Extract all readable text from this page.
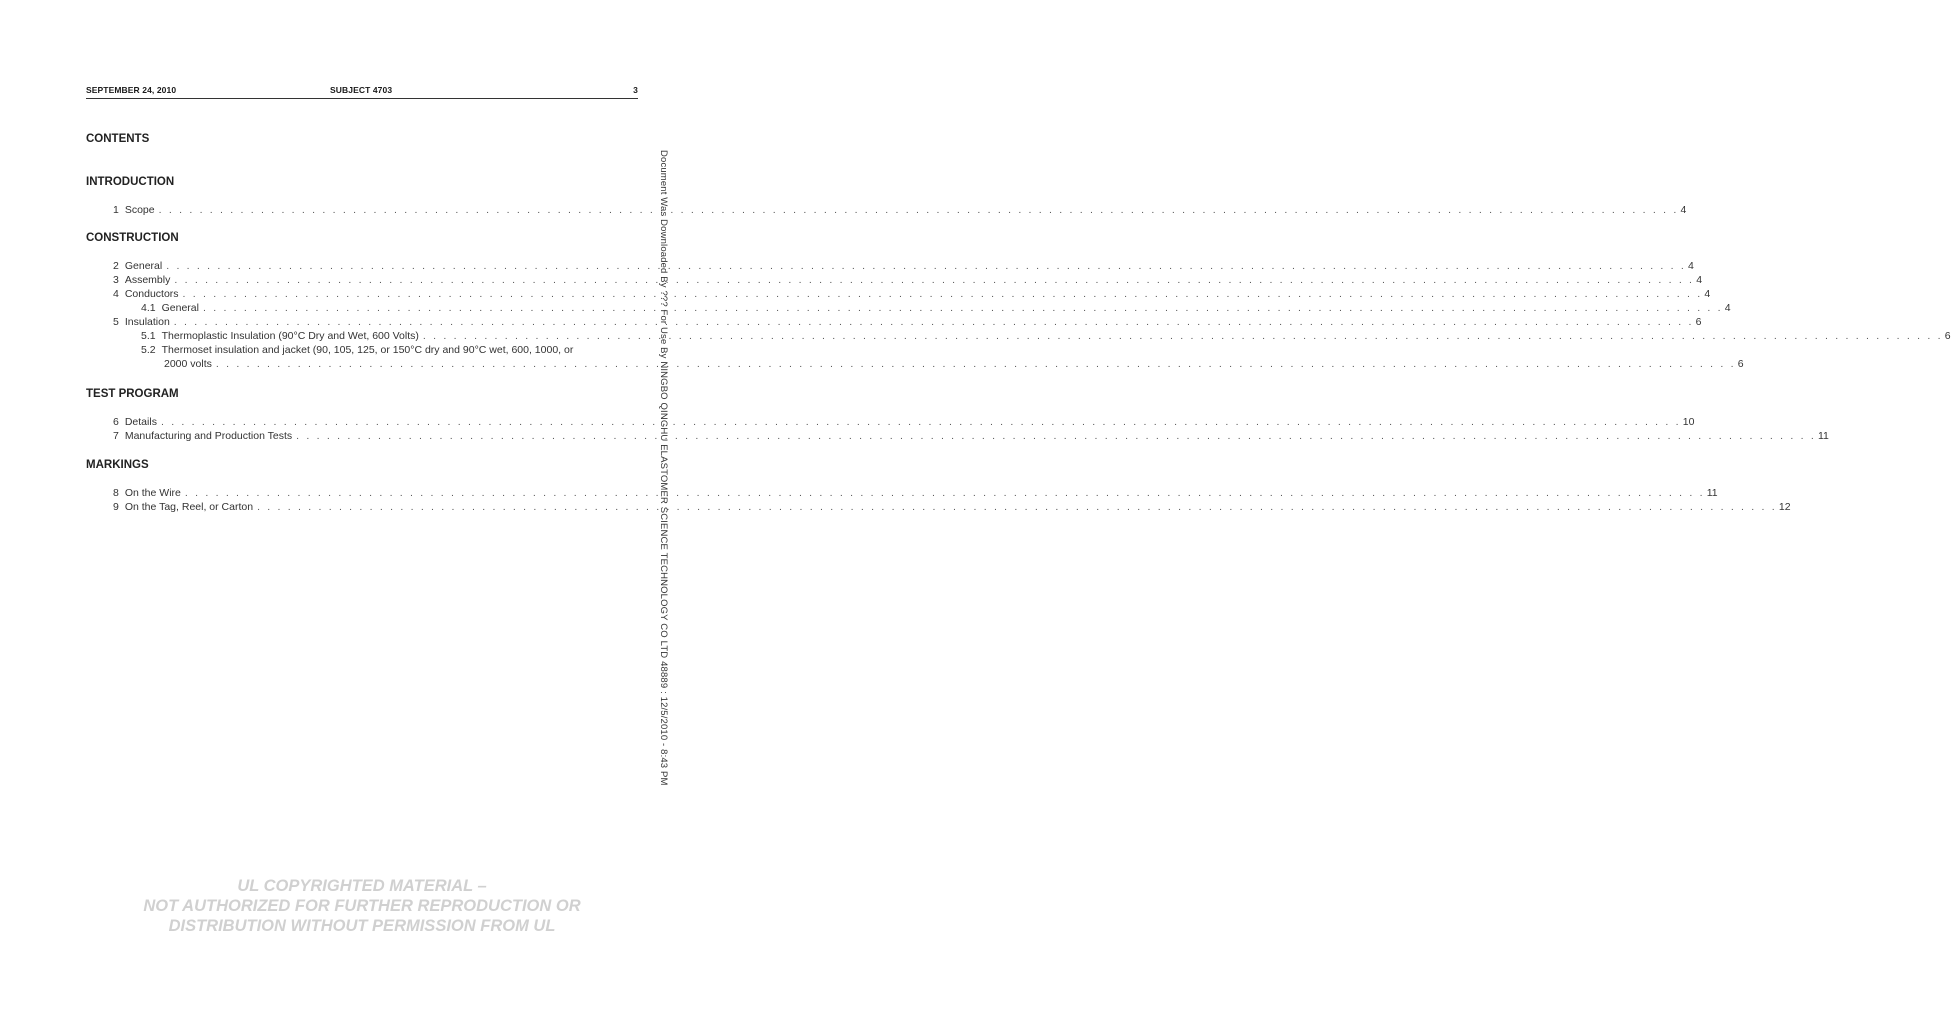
SEPTEMBER 24, 2010	SUBJECT 4703	3
CONTENTS
INTRODUCTION
1 Scope . . . . . . . . . . . . . . . . . . . . . . . . . . . . . . . . . . . . . . . . . . . . . . . . . . . . . . . . . . . . . . . . . . . . . . . . . . . . . . . . . . . . . . . . . . . . . . . . . . . . . . . . . . . . . . . . . . . . . . . . . . . . . . . . . . . . . . . . . . . . . . . . . . . . . 4
CONSTRUCTION
2 General . . . . . . . . . . . . . . . . . . . . . . . . . . . . . . . . . . . . . . . . . . . . . . . . . . . . . . . . . . . . . . . . . . . . . . . . . . . . . . . . . . . . . . . . . . . . . . . . . . . . . . . . . . . . . . . . . . . . . . . . . . . . . . . . . . . . . . . . . . . . . . . . . . . . . 4
3 Assembly . . . . . . . . . . . . . . . . . . . . . . . . . . . . . . . . . . . . . . . . . . . . . . . . . . . . . . . . . . . . . . . . . . . . . . . . . . . . . . . . . . . . . . . . . . . . . . . . . . . . . . . . . . . . . . . . . . . . . . . . . . . . . . . . . . . . . . . . . . . . . . . . . . . . . 4
4 Conductors . . . . . . . . . . . . . . . . . . . . . . . . . . . . . . . . . . . . . . . . . . . . . . . . . . . . . . . . . . . . . . . . . . . . . . . . . . . . . . . . . . . . . . . . . . . . . . . . . . . . . . . . . . . . . . . . . . . . . . . . . . . . . . . . . . . . . . . . . . . . . . . . . . . . . 4
4.1 General . . . . . . . . . . . . . . . . . . . . . . . . . . . . . . . . . . . . . . . . . . . . . . . . . . . . . . . . . . . . . . . . . . . . . . . . . . . . . . . . . . . . . . . . . . . . . . . . . . . . . . . . . . . . . . . . . . . . . . . . . . . . . . . . . . . . . . . . . . . . . . . . . . . . . 4
5 Insulation . . . . . . . . . . . . . . . . . . . . . . . . . . . . . . . . . . . . . . . . . . . . . . . . . . . . . . . . . . . . . . . . . . . . . . . . . . . . . . . . . . . . . . . . . . . . . . . . . . . . . . . . . . . . . . . . . . . . . . . . . . . . . . . . . . . . . . . . . . . . . . . . . . . . . 6
5.1 Thermoplastic Insulation (90°C Dry and Wet, 600 Volts) . . . . . . . . . . . . . . . . . . . . . . . . . . . . . . . . . . . . . . . . . . . . . . . . . . . . . . . . . . . . . . . . . . . . . . . . . . . . . . . . . . . . . . . . . . . . . . . . . . . . . . . . . . . . . . . . . . . . . . . . . . . . . . . . . . . . . . . . . . . . . . . . . . . . . 6
5.2 Thermoset insulation and jacket (90, 105, 125, or 150°C dry and 90°C wet, 600, 1000, or
2000 volts . . . . . . . . . . . . . . . . . . . . . . . . . . . . . . . . . . . . . . . . . . . . . . . . . . . . . . . . . . . . . . . . . . . . . . . . . . . . . . . . . . . . . . . . . . . . . . . . . . . . . . . . . . . . . . . . . . . . . . . . . . . . . . . . . . . . . . . . . . . . . . . . . . . . . 6
TEST PROGRAM
6 Details . . . . . . . . . . . . . . . . . . . . . . . . . . . . . . . . . . . . . . . . . . . . . . . . . . . . . . . . . . . . . . . . . . . . . . . . . . . . . . . . . . . . . . . . . . . . . . . . . . . . . . . . . . . . . . . . . . . . . . . . . . . . . . . . . . . . . . . . . . . . . . . . . . . . . 10
7 Manufacturing and Production Tests . . . . . . . . . . . . . . . . . . . . . . . . . . . . . . . . . . . . . . . . . . . . . . . . . . . . . . . . . . . . . . . . . . . . . . . . . . . . . . . . . . . . . . . . . . . . . . . . . . . . . . . . . . . . . . . . . . . . . . . . . . . . . . . . . . . . . . . . . . . . . . . . . . . . . 11
MARKINGS
8 On the Wire . . . . . . . . . . . . . . . . . . . . . . . . . . . . . . . . . . . . . . . . . . . . . . . . . . . . . . . . . . . . . . . . . . . . . . . . . . . . . . . . . . . . . . . . . . . . . . . . . . . . . . . . . . . . . . . . . . . . . . . . . . . . . . . . . . . . . . . . . . . . . . . . . . . . . 11
9 On the Tag, Reel, or Carton . . . . . . . . . . . . . . . . . . . . . . . . . . . . . . . . . . . . . . . . . . . . . . . . . . . . . . . . . . . . . . . . . . . . . . . . . . . . . . . . . . . . . . . . . . . . . . . . . . . . . . . . . . . . . . . . . . . . . . . . . . . . . . . . . . . . . . . . . . . . . . . . . . . . . 12
UL COPYRIGHTED MATERIAL –
NOT AUTHORIZED FOR FURTHER REPRODUCTION OR
DISTRIBUTION WITHOUT PERMISSION FROM UL
Document Was Downloaded By ??? For Use By NINGBO QINGHU ELASTOMER SCIENCE TECHNOLOGY CO LTD 48889 : 12/5/2010 - 8:43 PM
